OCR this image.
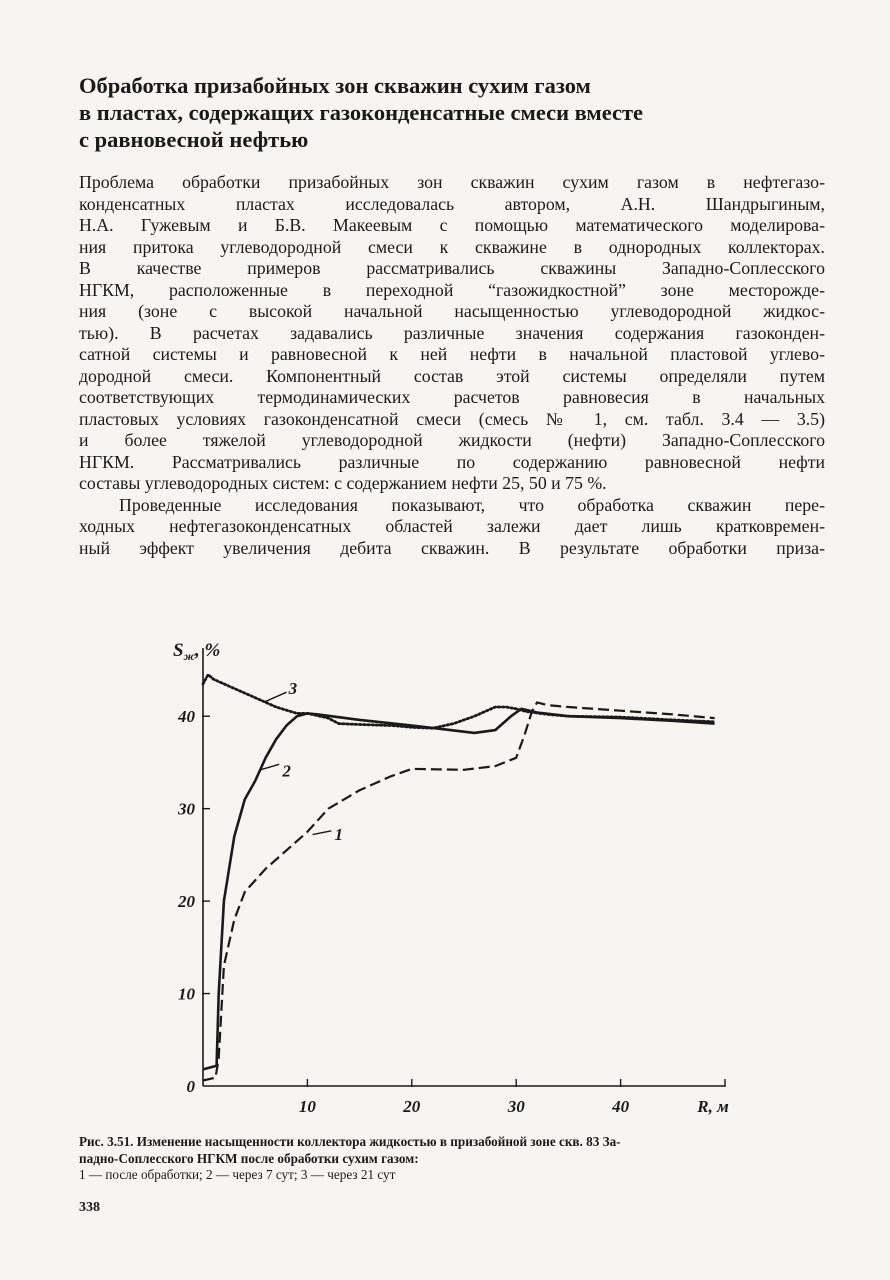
Обработка призабойных зон скважин сухим газом
в пластах, содержащих газоконденсатные смеси вместе
с равновесной нефтью
Проблема обработки призабойных зон скважин сухим газом в нефтегазо-
конденсатных пластах исследовалась автором, А.Н. Шандрыгиным,
Н.А. Гужевым и Б.В. Макеевым с помощью математического моделирова-
ния притока углеводородной смеси к скважине в однородных коллекторах.
В качестве примеров рассматривались скважины Западно-Соплесского
НГКМ, расположенные в переходной “газожидкостной” зоне месторожде-
ния (зоне с высокой начальной насыщенностью углеводородной жидкос-
тью). В расчетах задавались различные значения содержания газоконден-
сатной системы и равновесной к ней нефти в начальной пластовой углево-
дородной смеси. Компонентный состав этой системы определяли путем
соответствующих термодинамических расчетов равновесия в начальных
пластовых условиях газоконденсатной смеси (смесь № 1, см. табл. 3.4 — 3.5)
и более тяжелой углеводородной жидкости (нефти) Западно-Соплесского
НГКМ. Рассматривались различные по содержанию равновесной нефти
составы углеводородных систем: с содержанием нефти 25, 50 и 75 %.
Проведенные исследования показывают, что обработка скважин пере-
ходных нефтегазоконденсатных областей залежи дает лишь кратковремен-
ный эффект увеличения дебита скважин. В результате обработки приза-
0
10
20
30
40
10	20	30	40
$S_ж$, %
R, м
1
2
3
Рис. 3.51. Изменение насыщенности коллектора жидкостью в призабойной зоне скв. 83 За-
падно-Соплесского НГКМ после обработки сухим газом:
1 — после обработки; 2 — через 7 сут; 3 — через 21 сут
338
